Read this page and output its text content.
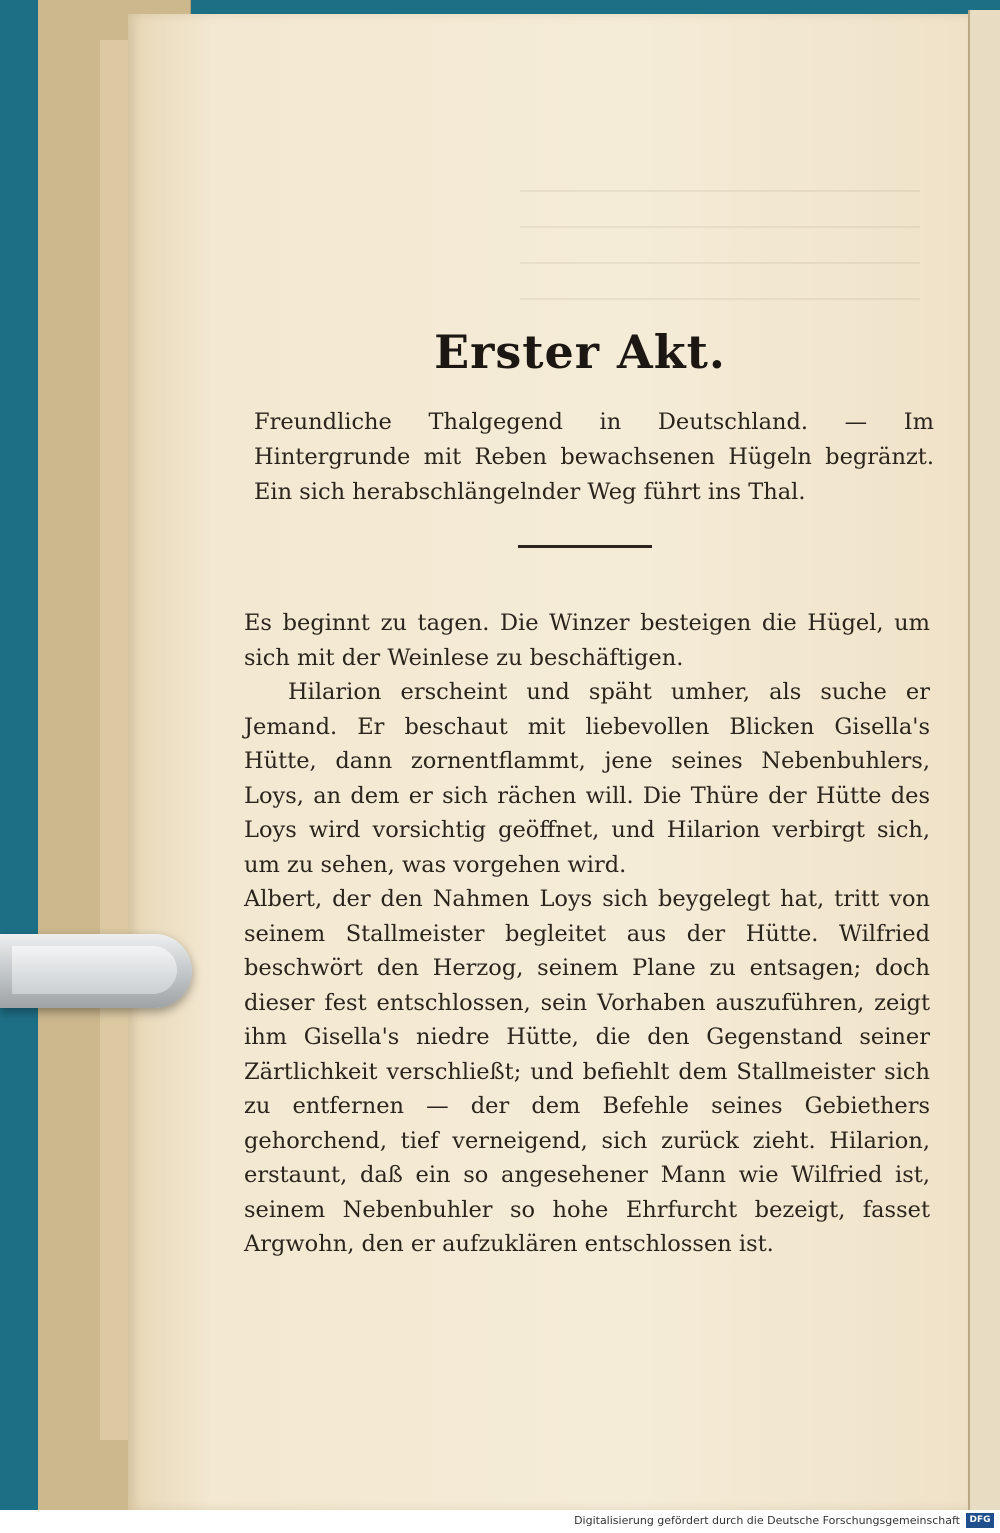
Erster Akt.

Freundliche Thalgegend in Deutschland. — Im Hintergrunde mit Reben bewachsenen Hügeln begränzt. Ein sich herabschlängelnder Weg führt ins Thal.

Es beginnt zu tagen. Die Winzer besteigen die Hügel, um sich mit der Weinlese zu beschäftigen.

Hilarion erscheint und späht umher, als suche er Jemand. Er beschaut mit liebevollen Blicken Gisella's Hütte, dann zornentflammt, jene seines Nebenbuhlers, Loys, an dem er sich rächen will. Die Thüre der Hütte des Loys wird vorsichtig geöffnet, und Hilarion verbirgt sich, um zu sehen, was vorgehen wird.

Albert, der den Nahmen Loys sich beygelegt hat, tritt von seinem Stallmeister begleitet aus der Hütte. Wilfried beschwört den Herzog, seinem Plane zu entsagen; doch dieser fest entschlossen, sein Vorhaben auszuführen, zeigt ihm Gisella's niedre Hütte, die den Gegenstand seiner Zärtlichkeit verschließt; und befiehlt dem Stallmeister sich zu entfernen — der dem Befehle seines Gebiethers gehorchend, tief verneigend, sich zurück zieht. Hilarion, erstaunt, daß ein so angesehener Mann wie Wilfried ist, seinem Nebenbuhler so hohe Ehrfurcht bezeigt, fasset Argwohn, den er aufzuklären entschlossen ist.

Digitalisierung gefördert durch die Deutsche Forschungsgemeinschaft	DFG
